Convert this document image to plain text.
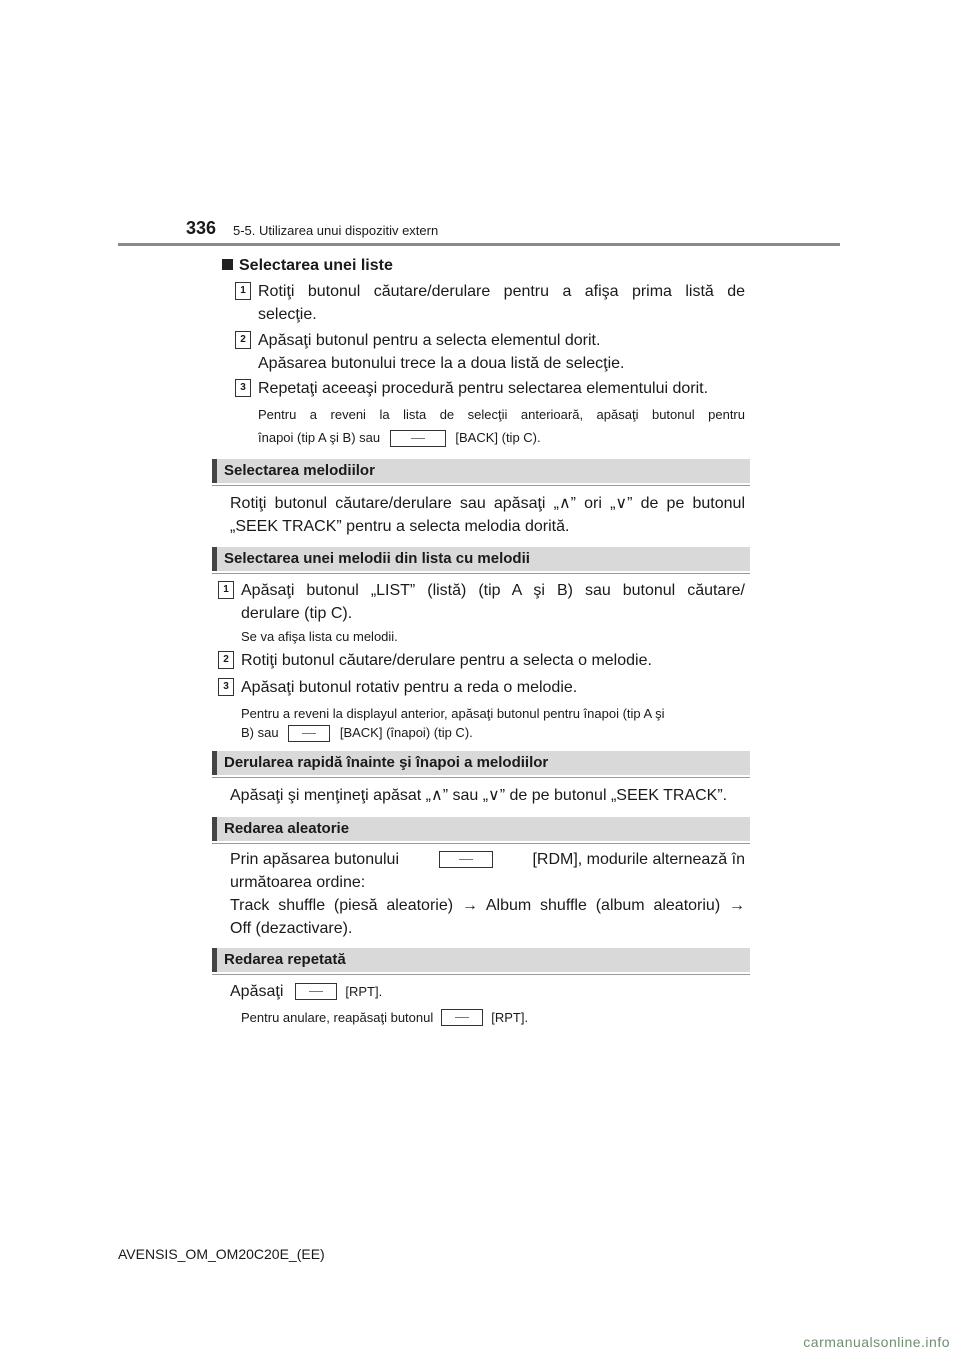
336 5-5. Utilizarea unui dispozitiv extern
Selectarea unei liste
1 Rotiţi butonul căutare/derulare pentru a afişa prima listă de
selecţie.
2 Apăsaţi butonul pentru a selecta elementul dorit.
Apăsarea butonului trece la a doua listă de selecţie.
3 Repetaţi aceeaşi procedură pentru selectarea elementului dorit.
Pentru a reveni la lista de selecţii anterioară, apăsaţi butonul pentru
înapoi (tip A şi B) sau	[BACK] (tip C).
Selectarea melodiilor
Rotiţi butonul căutare/derulare sau apăsaţi „∧” ori „∨” de pe butonul
„SEEK TRACK” pentru a selecta melodia dorită.
Selectarea unei melodii din lista cu melodii
1 Apăsaţi butonul „LIST” (listă) (tip A şi B) sau butonul căutare/
derulare (tip C).
Se va afişa lista cu melodii.
2 Rotiţi butonul căutare/derulare pentru a selecta o melodie.
3 Apăsaţi butonul rotativ pentru a reda o melodie.
Pentru a reveni la displayul anterior, apăsaţi butonul pentru înapoi (tip A şi
B) sau	[BACK] (înapoi) (tip C).
Derularea rapidă înainte şi înapoi a melodiilor
Apăsaţi şi menţineţi apăsat „∧” sau „∨” de pe butonul „SEEK TRACK”.
Redarea aleatorie
Prin apăsarea butonului	[RDM], modurile alternează în
următoarea ordine:
Track shuffle (piesă aleatorie) → Album shuffle (album aleatoriu) →
Off (dezactivare).
Redarea repetată
Apăsaţi	[RPT].
Pentru anulare, reapăsaţi butonul	[RPT].
AVENSIS_OM_OM20C20E_(EE)
carmanualsonline.info
